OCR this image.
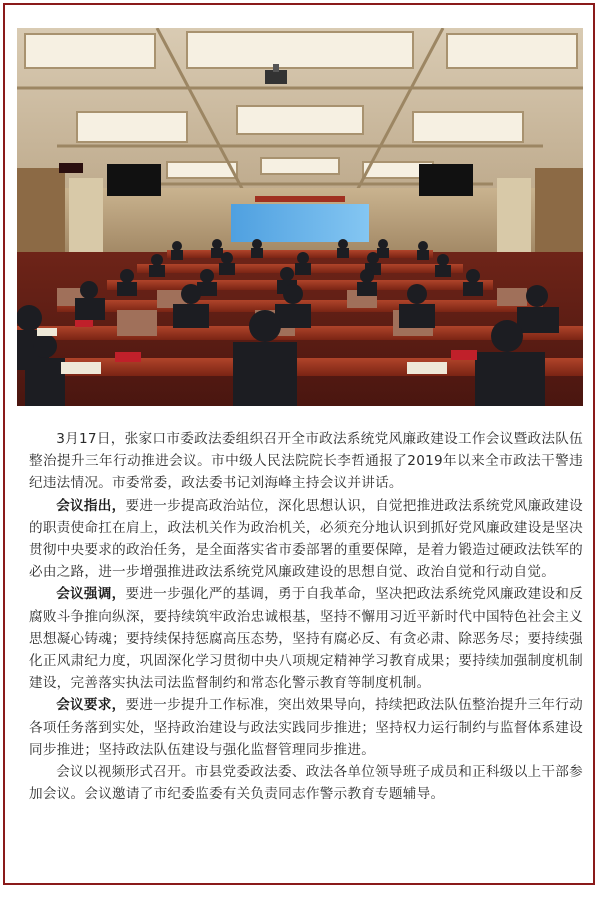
3月17日，张家口市委政法委组织召开全市政法系统党风廉政建设工作会议暨政法队伍整治提升三年行动推进会议。市中级人民法院院长李哲通报了2019年以来全市政法干警违纪违法情况。市委常委，政法委书记刘海峰主持会议并讲话。

会议指出，要进一步提高政治站位，深化思想认识，自觉把推进政法系统党风廉政建设的职责使命扛在肩上，政法机关作为政治机关，必须充分地认识到抓好党风廉政建设是坚决贯彻中央要求的政治任务，是全面落实省市委部署的重要保障，是着力锻造过硬政法铁军的必由之路，进一步增强推进政法系统党风廉政建设的思想自觉、政治自觉和行动自觉。

会议强调，要进一步强化严的基调，勇于自我革命，坚决把政法系统党风廉政建设和反腐败斗争推向纵深，要持续筑牢政治忠诚根基，坚持不懈用习近平新时代中国特色社会主义思想凝心铸魂；要持续保持惩腐高压态势，坚持有腐必反、有贪必肃、除恶务尽；要持续强化正风肃纪力度，巩固深化学习贯彻中央八项规定精神学习教育成果；要持续加强制度机制建设，完善落实执法司法监督制约和常态化警示教育等制度机制。

会议要求，要进一步提升工作标准，突出效果导向，持续把政法队伍整治提升三年行动各项任务落到实处，坚持政治建设与政法实践同步推进；坚持权力运行制约与监督体系建设同步推进；坚持政法队伍建设与强化监督管理同步推进。

会议以视频形式召开。市县党委政法委、政法各单位领导班子成员和正科级以上干部参加会议。会议邀请了市纪委监委有关负责同志作警示教育专题辅导。
